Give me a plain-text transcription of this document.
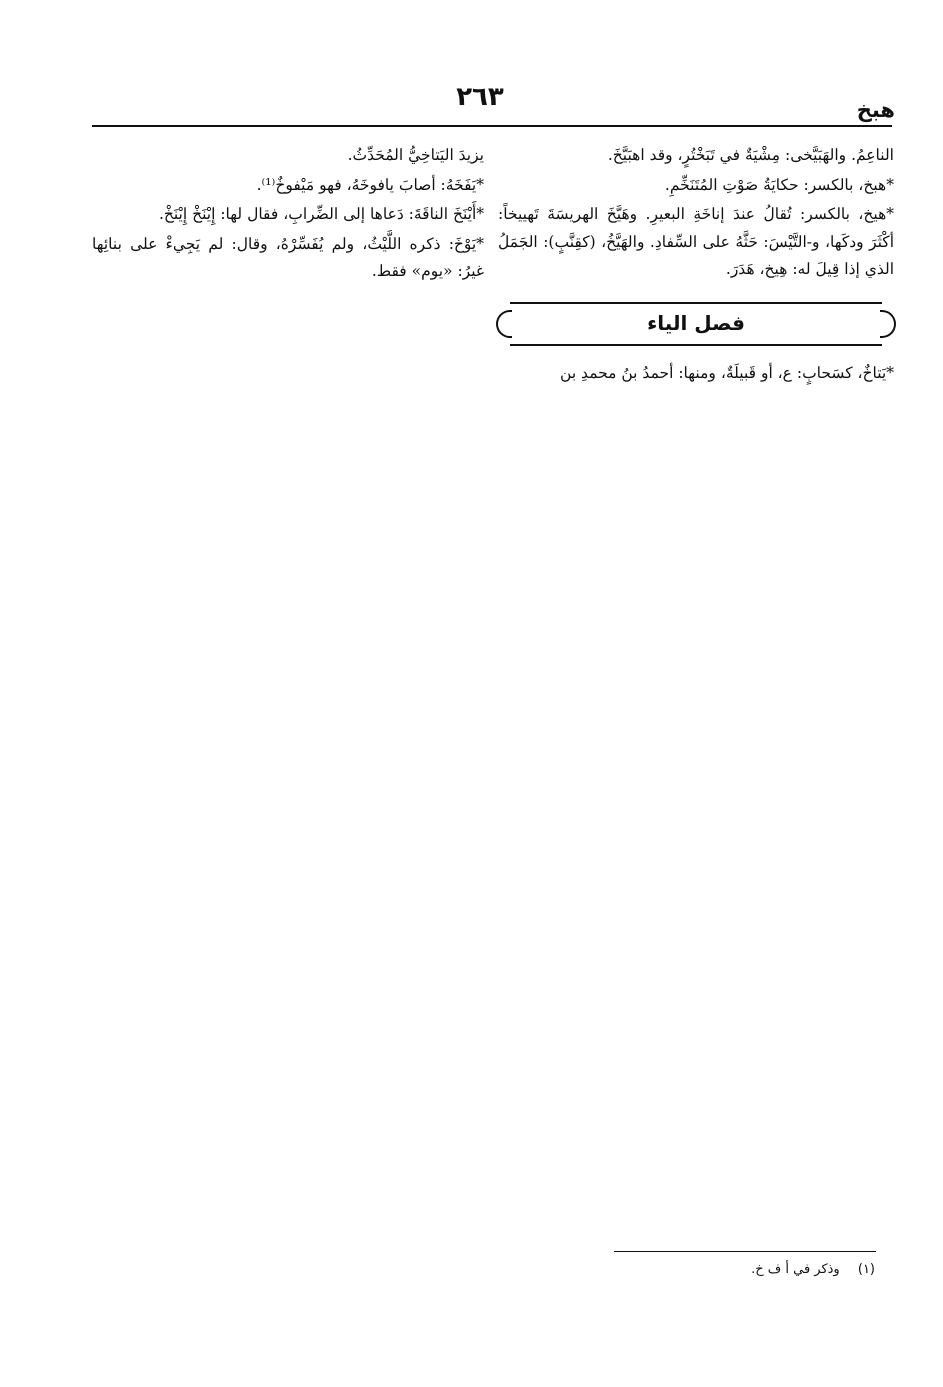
٢٦٣	هبخ

الناعِمُ. والهَبَيَّخى: مِشْيَةٌ في تَبَخْتُرٍ، وقد اهبَيَّخَ.

*هبخ، بالكسر: حكايَةُ صَوْتِ المُتَنَخِّمِ.

*هيخ، بالكسر: تُقالُ عندَ إناخَةِ البعيرِ. وهَيَّخَ الهريسَةَ تَهييخاً: أكْثَرَ ودكَها، و-التَّيْسَ: حَثَّهُ على السِّفادِ. والهَيَّخُ، (كقِنَّبٍ): الجَمَلُ الذي إذا قِيلَ له: هِيخ، هَدَرَ.

فصل الياء

*يَتاخٌ، كسَحابٍ: ع، أو قَبيلَةٌ، ومنها: أحمدُ بنُ محمدِ بن

يزيدَ اليَتاخِيُّ المُحَدِّثُ.

*يَفَخَهُ: أصابَ يافوخَهُ، فهو مَيْفوخٌ⁽¹⁾.

*أَيْنَخَ الناقَةَ: دَعاها إلى الضِّرابِ، فقال لها: إِيْنَخْ إِيْنَخْ.

*يَوْخَ: ذكره اللَّيْثُ، ولم يُفَسِّرْهُ، وقال: لم يَجِيءْ على بنائِها غيرُ: «يوم» فقط.

(١) وذكر في أ ف خ.
